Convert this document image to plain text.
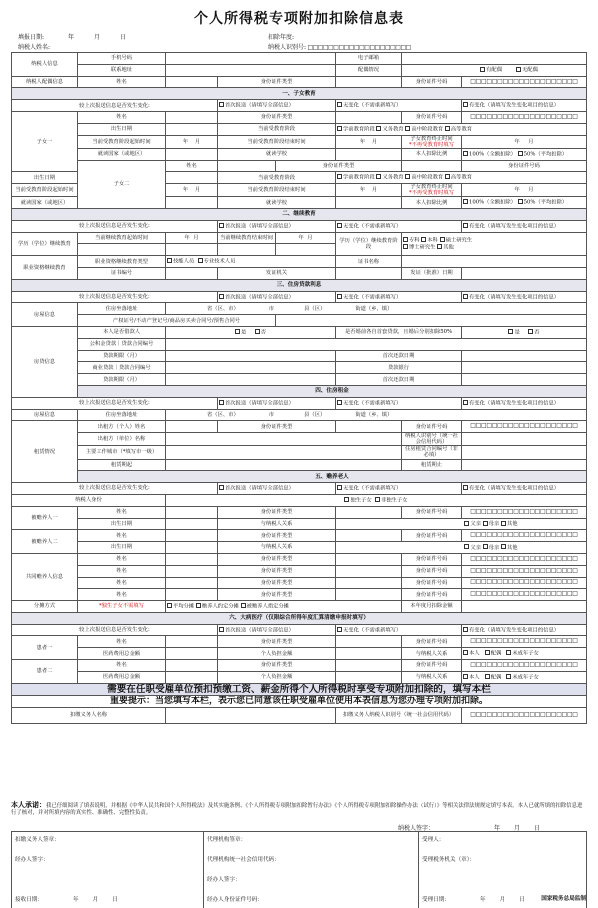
个人所得税专项附加扣除信息表
填报日期:	年	月	日	扣除年度:
纳税人姓名:	纳税人识别号: □□□□□□□□□□□□□□□□□□□□
纳税人信息	手机号码				电子邮箱			
	联系地址				配偶情况	有配偶 无配偶		
纳税人配偶信息	姓名		身份证件类型			身份证件号码	□□□□□□□□□□□□□□□□□□□□	
一、子女教育								
较上次报送信息是否发生变化:			首次报送（请填写全部信息）		无变化（不需重新填写）		有变化（请填写发生变化项目的信息）	
子女一	姓名		身份证件类型			身份证件号码	□□□□□□□□□□□□□□□□□□□□	
	出生日期		当前受教育阶段		学前教育阶段 义务教育 高中阶段教育 高等教育			
	当前受教育阶段起始时间	年 月	当前受教育阶段结束时间		年 月	子女教育终止时间
*不再受教育时填写	年 月	
	就读国家（或地区）		就读学校			本人扣除比例	100%（全额扣除） 50%（平均扣除）	
	子女二	姓名		身份证件类型			身份证件号码	
出生日期			当前受教育阶段		学前教育阶段 义务教育 高中阶段教育 高等教育			
当前受教育阶段起始时间		年 月	当前受教育阶段结束时间		年 月	子女教育终止时间
*不再受教育时填写	年 月	
就读国家（或地区）			就读学校			本人扣除比例	100%（全额扣除） 50%（平均扣除）	
二、继续教育								
较上次报送信息是否发生变化:			首次报送（请填写全部信息）		无变化（不需重新填写）		有变化（请填写发生变化项目的信息）	
学历（学位）继续教育	当前继续教育起始时间	年 月	当前继续教育结束时间	年 月	学历（学位）继续教育阶段	专科 本科 硕士研究生
博士研究生 其他		

职业资格继续教育	职业资格继续教育类型	技能人员 专业技术人员			证书名称			
	证书编号		发证机关			发证（批准）日期		
三、住房贷款利息								
较上次报送信息是否发生变化:			首次报送（请填写全部信息）		无变化（不需重新填写）		有变化（请填写发生变化项目的信息）	
房屋信息	住房坐落地址	省（区、市） 市 县（区） 街道（乡、镇）						
	产权证号/不动产登记号/商品房买卖合同号/预售合同号							
房贷信息	本人是否借款人	是 否			是否婚前各自首套贷款，且婚后分别扣除50%		是 否	
	公积金贷款｜贷款合同编号							
	贷款期限（月）				首次还款日期			
	商业贷款｜贷款合同编号				贷款银行			
	贷款期限（月）				首次还款日期			
	四、住房租金							
较上次报送信息是否发生变化:			首次报送（请填写全部信息）		无变化（不需重新填写）		有变化（请填写发生变化项目的信息）	
房屋信息	住房坐落地址	省（区、市） 市 县（区） 街道（乡、镇）						
租赁情况	出租方（个人）姓名		身份证件类型			身份证件号码	□□□□□□□□□□□□□□□□□□□□	
	出租方（单位）名称					纳税人识别号（统一社会信用代码）		
	主要工作城市（*填写市一级）					住房租赁合同编号（非必填）		
	租赁期起					租赁期止		
	五、赡养老人							
较上次报送信息是否发生变化:			首次报送（请填写全部信息）		无变化（不需重新填写）		有变化（请填写发生变化项目的信息）	
纳税人身份		独生子女 非独生子女						
被赡养人一	姓名		身份证件类型			身份证件号码	□□□□□□□□□□□□□□□□□□□□	
	出生日期		与纳税人关系		父亲 母亲 其他			
被赡养人二	姓名		身份证件类型			身份证件号码	□□□□□□□□□□□□□□□□□□□□	
	出生日期		与纳税人关系		父亲 母亲 其他			
共同赡养人信息	姓名		身份证件类型			身份证件号码	□□□□□□□□□□□□□□□□□□□□	
	姓名		身份证件类型			身份证件号码	□□□□□□□□□□□□□□□□□□□□	
	姓名		身份证件类型			身份证件号码	□□□□□□□□□□□□□□□□□□□□	
	姓名		身份证件类型			身份证件号码	□□□□□□□□□□□□□□□□□□□□	
分摊方式	*独生子女不需填写	平均分摊 赡养人约定分摊 被赡养人指定分摊				本年度月扣除金额		
六、大病医疗（仅限综合所得年度汇算清缴申报时填写）								
较上次报送信息是否发生变化:			首次报送（请填写全部信息）		无变化（不需重新填写）		有变化（请填写发生变化项目的信息）	
患者一	姓名		身份证件类型			身份证件号码	□□□□□□□□□□□□□□□□□□□□	
	医药费用总金额		个人负担金额			与纳税人关系	本人 配偶 未成年子女	
患者二	姓名		身份证件类型			身份证件号码	□□□□□□□□□□□□□□□□□□□□	
	医药费用总金额		个人负担金额			与纳税人关系	本人 配偶 未成年子女	
需要在任职受雇单位预扣预缴工资、薪金所得个人所得税时享受专项附加扣除的，填写本栏								
重要提示：当您填写本栏，表示您已同意该任职受雇单位使用本表信息为您办理专项附加扣除。								
扣缴义务人名称					扣缴义务人纳税人识别号（统一社会信用代码）		□□□□□□□□□□□□□□□□□□□□	
本人承诺：我已仔细阅读了填表说明，并根据《中华人民共和国个人所得税法》及其实施条例、《个人所得税专项附加扣除暂行办法》《个人所得税专项附加扣除操作办法（试行）》等相关法律法规规定填写本表。本人已就所填的扣除信息进行了核对，并对所填内容的真实性、准确性、完整性负责。
纳税人签字：	年 月 日
扣缴义务人签章：
经办人签字：
接收日期：	年	月	日

代理机构签章：
代理机构统一社会信用代码：
经办人签字：
经办人身份证件号码：

受理人：
受理税务机关（章）：
受理日期：	年	月	日	国家税务总局监制
